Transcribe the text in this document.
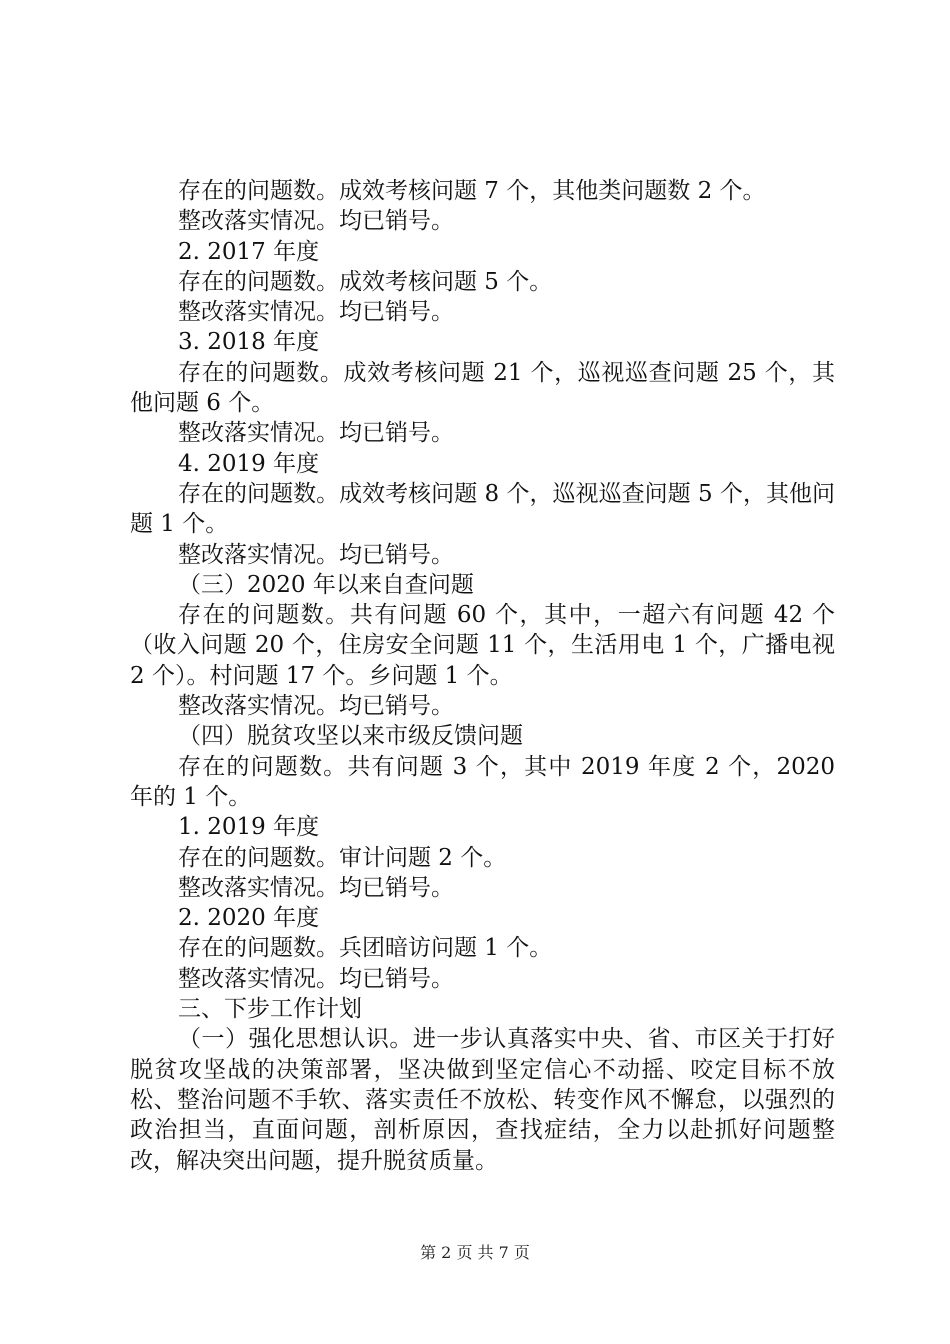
存在的问题数。成效考核问题 7 个，其他类问题数 2 个。

整改落实情况。均已销号。

2. 2017 年度

存在的问题数。成效考核问题 5 个。

整改落实情况。均已销号。

3. 2018 年度

存在的问题数。成效考核问题 21 个，巡视巡查问题 25 个，其他问题 6 个。

整改落实情况。均已销号。

4. 2019 年度

存在的问题数。成效考核问题 8 个，巡视巡查问题 5 个，其他问题 1 个。

整改落实情况。均已销号。

（三）2020 年以来自查问题

存在的问题数。共有问题 60 个，其中，一超六有问题 42 个（收入问题 20 个，住房安全问题 11 个，生活用电 1 个，广播电视 2 个）。村问题 17 个。乡问题 1 个。

整改落实情况。均已销号。

（四）脱贫攻坚以来市级反馈问题

存在的问题数。共有问题 3 个，其中 2019 年度 2 个，2020 年的 1 个。

1. 2019 年度

存在的问题数。审计问题 2 个。

整改落实情况。均已销号。

2. 2020 年度

存在的问题数。兵团暗访问题 1 个。

整改落实情况。均已销号。

三、下步工作计划

（一）强化思想认识。进一步认真落实中央、省、市区关于打好脱贫攻坚战的决策部署，坚决做到坚定信心不动摇、咬定目标不放松、整治问题不手软、落实责任不放松、转变作风不懈怠，以强烈的政治担当，直面问题，剖析原因，查找症结，全力以赴抓好问题整改，解决突出问题，提升脱贫质量。

第 2 页 共 7 页
